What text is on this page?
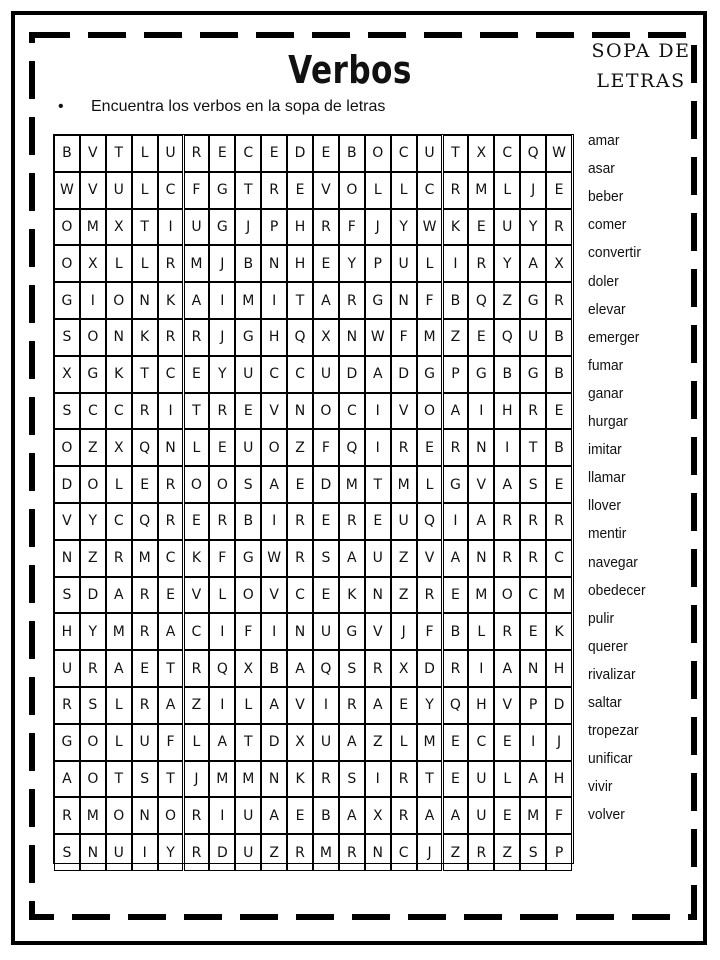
Verbos	SOPA DE
LETRAS
• Encuentra los verbos en la sopa de letras
B	V	T	L	U	R	E	C	E	D	E	B	O	C	U	T	X	C	Q W
W	V	U	L	C	F	G	T	R	E	V	O	L	L	C	R	M	L	J	E
O	M	X	T	I	U	G	J	P	H	R	F	J	Y	W	K	E	U	Y	R
O	X	L	L	R	M	J	B	N	H	E	Y	P	U	L	I	R	Y	A	X
G	I	O	N	K	A	I	M	I	T	A	R	G	N	F	B	Q	Z	G	R
S	O	N	K	R	R	J	G	H	Q	X	N W	F	M	Z	E	Q	U	B
X	G	K	T	C	E	Y	U	C	C	U	D	A	D	G	P	G	B	G	B
S	C	C	R	I	T	R	E	V	N	O	C	I	V	O	A	I	H	R	E
O	Z	X	Q	N	L	E	U	O	Z	F	Q	I	R	E	R	N	I	T	B
D	O	L	E	R	O	O	S	A	E	D	M	T	M	L	G	V	A	S	E
V	Y	C	Q	R	E	R	B	I	R	E	R	E	U	Q	I	A	R	R	R
N	Z	R	M	C	K	F	G W	R	S	A	U	Z	V	A	N	R	R	C
S	D	A	R	E	V	L	O	V	C	E	K	N	Z	R	E	M	O	C	M
H	Y	M	R	A	C	I	F	I	N	U	G	V	J	F	B	L	R	E	K
U	R	A	E	T	R	Q	X	B	A	Q	S	R	X	D	R	I	A	N	H
R	S	L	R	A	Z	I	L	A	V	I	R	A	E	Y	Q	H	V	P	D
G	O	L	U	F	L	A	T	D	X	U	A	Z	L	M	E	C	E	I	J
A	O	T	S	T	J	M M	N	K	R	S	I	R	T	E	U	L	A	H
R	M	O	N	O	R	I	U	A	E	B	A	X	R	A	A	U	E	M	F
S	N	U	I	Y	R	D	U	Z	R	M	R	N	C	J	Z	R	Z	S	P
amar
asar
beber
comer
convertir
doler
elevar
emerger
fumar
ganar
hurgar
imitar
llamar
llover
mentir
navegar
obedecer
pulir
querer
rivalizar
saltar
tropezar
unificar
vivir
volver
